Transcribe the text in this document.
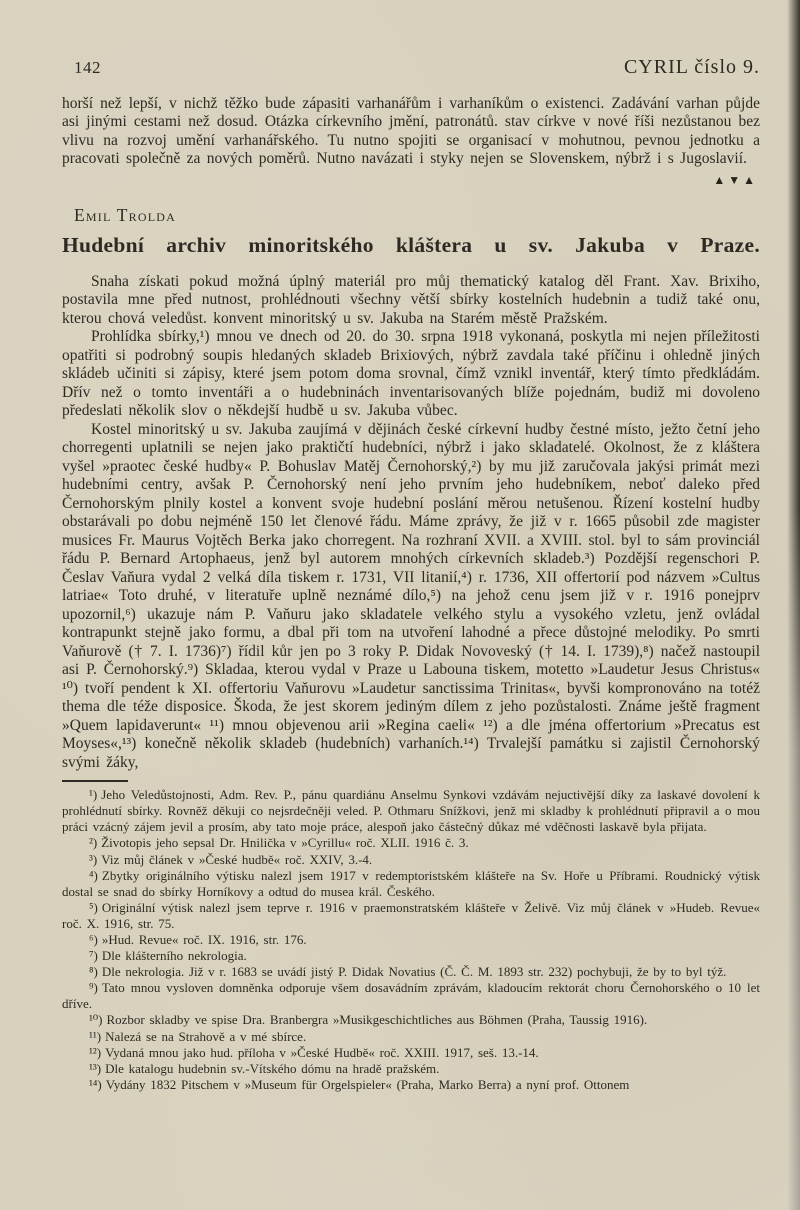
142	CYRIL číslo 9.

horší než lepší, v nichž těžko bude zápasiti varhanářům i varhaníkům o existenci. Zadávání varhan půjde asi jinými cestami než dosud. Otázka církevního jmění, patronátů. stav církve v nové říši nezůstanou bez vlivu na rozvoj umění varhanářského. Tu nutno spojiti se organisací v mohutnou, pevnou jednotku a pracovati společně za nových poměrů. Nutno navázati i styky nejen se Slovenskem, nýbrž i s Jugoslavií.

▲▼▲

Emil Trolda

Hudební archiv minoritského kláštera u sv. Jakuba v Praze.

Snaha získati pokud možná úplný materiál pro můj thematický katalog děl Frant. Xav. Brixiho, postavila mne před nutnost, prohlédnouti všechny větší sbírky kostelních hudebnin a tudiž také onu, kterou chová veledůst. konvent minoritský u sv. Jakuba na Starém městě Pražském.

Prohlídka sbírky,¹) mnou ve dnech od 20. do 30. srpna 1918 vykonaná, poskytla mi nejen příležitosti opatřiti si podrobný soupis hledaných skladeb Brixiových, nýbrž zavdala také příčinu i ohledně jiných skládeb učiniti si zápisy, které jsem potom doma srovnal, čímž vznikl inventář, který tímto předkládám. Dřív než o tomto inventáři a o hudebninách inventarisovaných blíže pojednám, budiž mi dovoleno předeslati několik slov o někdejší hudbě u sv. Jakuba vůbec.

Kostel minoritský u sv. Jakuba zaujímá v dějinách české církevní hudby čestné místo, ježto četní jeho chorregenti uplatnili se nejen jako praktičtí hudebníci, nýbrž i jako skladatelé. Okolnost, že z kláštera vyšel »praotec české hudby« P. Bohuslav Matěj Černohorský,²) by mu již zaručovala jakýsi primát mezi hudebními centry, avšak P. Černohorský není jeho prvním jeho hudebníkem, neboť daleko před Černohorským plnily kostel a konvent svoje hudební poslání měrou netušenou. Řízení kostelní hudby obstarávali po dobu nejméně 150 let členové řádu. Máme zprávy, že již v r. 1665 působil zde magister musices Fr. Maurus Vojtěch Berka jako chorregent. Na rozhraní XVII. a XVIII. stol. byl to sám provinciál řádu P. Bernard Artophaeus, jenž byl autorem mnohých církevních skladeb.³) Pozdější regenschori P. Česlav Vaňura vydal 2 velká díla tiskem r. 1731, VII litanií,⁴) r. 1736, XII offertorií pod názvem »Cultus latriae« Toto druhé, v literatuře uplně neznámé dílo,⁵) na jehož cenu jsem již v r. 1916 ponejprv upozornil,⁶) ukazuje nám P. Vaňuru jako skladatele velkého stylu a vysokého vzletu, jenž ovládal kontrapunkt stejně jako formu, a dbal při tom na utvoření lahodné a přece důstojné melodiky. Po smrti Vaňurově († 7. I. 1736)⁷) řídil kůr jen po 3 roky P. Didak Novoveský († 14. I. 1739),⁸) načež nastoupil asi P. Černohorský.⁹) Skladaa, kterou vydal v Praze u Labouna tiskem, motetto »Laudetur Jesus Christus« ¹⁰) tvoří pendent k XI. offertoriu Vaňurovu »Laudetur sanctissima Trinitas«, byvši kompronováno na totéž thema dle téže disposice. Škoda, že jest skorem jediným dílem z jeho pozůstalosti. Známe ještě fragment »Quem lapidaverunt« ¹¹) mnou objevenou arii »Regina caeli« ¹²) a dle jména offertorium »Precatus est Moyses«,¹³) konečně několik skladeb (hudebních) varhaních.¹⁴) Trvalejší památku si zajistil Černohorský svými žáky,

¹) Jeho Veledůstojnosti, Adm. Rev. P., pánu quardiánu Anselmu Synkovi vzdávám nejuctivější díky za laskavé dovolení k prohlédnutí sbírky. Rovněž děkuji co nejsrdečněji veled. P. Othmaru Snížkovi, jenž mi skladby k prohlédnutí připravil a o mou práci vzácný zájem jevil a prosím, aby tato moje práce, alespoň jako částečný důkaz mé vděčnosti laskavě byla přijata.

²) Životopis jeho sepsal Dr. Hnilička v »Cyrillu« roč. XLII. 1916 č. 3.

³) Viz můj článek v »České hudbě« roč. XXIV, 3.-4.

⁴) Zbytky originálního výtisku nalezl jsem 1917 v redemptoristském klášteře na Sv. Hoře u Příbrami. Roudnický výtisk dostal se snad do sbírky Horníkovy a odtud do musea král. Českého.

⁵) Originální výtisk nalezl jsem teprve r. 1916 v praemonstratském klášteře v Želivě. Viz můj článek v »Hudeb. Revue« roč. X. 1916, str. 75.

⁶) »Hud. Revue« roč. IX. 1916, str. 176.

⁷) Dle klášterního nekrologia.

⁸) Dle nekrologia. Již v r. 1683 se uvádí jistý P. Didak Novatius (Č. Č. M. 1893 str. 232) pochybuji, že by to byl týž.

⁹) Tato mnou vysloven domněnka odporuje všem dosavádním zprávám, kladoucím rektorát choru Černohorského o 10 let dříve.

¹⁰) Rozbor skladby ve spise Dra. Branbergra »Musikgeschichtliches aus Böhmen (Praha, Taussig 1916).

¹¹) Nalezá se na Strahově a v mé sbírce.

¹²) Vydaná mnou jako hud. příloha v »České Hudbě« roč. XXIII. 1917, seš. 13.-14.

¹³) Dle katalogu hudebnin sv.-Vítského dómu na hradě pražském.

¹⁴) Vydány 1832 Pitschem v »Museum für Orgelspieler« (Praha, Marko Berra) a nyní prof. Ottonem
